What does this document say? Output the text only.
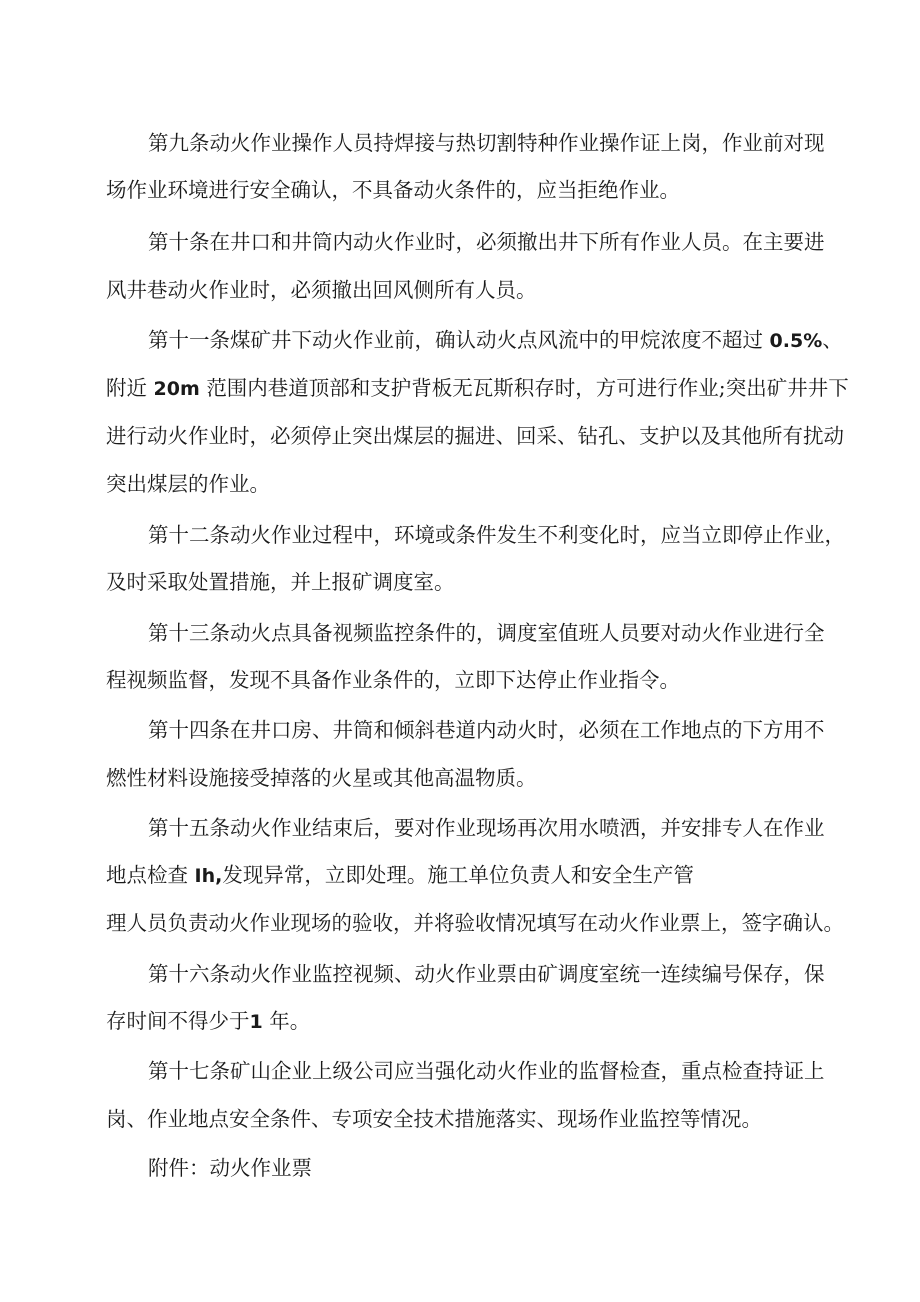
第九条动火作业操作人员持焊接与热切割特种作业操作证上岗，作业前对现
场作业环境进行安全确认，不具备动火条件的，应当拒绝作业。
第十条在井口和井筒内动火作业时，必须撤出井下所有作业人员。在主要进
风井巷动火作业时，必须撤出回风侧所有人员。
第十一条煤矿井下动火作业前，确认动火点风流中的甲烷浓度不超过 0.5%、
附近 20m 范围内巷道顶部和支护背板无瓦斯积存时，方可进行作业;突出矿井井下
进行动火作业时，必须停止突出煤层的掘进、回采、钻孔、支护以及其他所有扰动
突出煤层的作业。
第十二条动火作业过程中，环境或条件发生不利变化时，应当立即停止作业，
及时采取处置措施，并上报矿调度室。
第十三条动火点具备视频监控条件的，调度室值班人员要对动火作业进行全
程视频监督，发现不具备作业条件的，立即下达停止作业指令。
第十四条在井口房、井筒和倾斜巷道内动火时，必须在工作地点的下方用不
燃性材料设施接受掉落的火星或其他高温物质。
第十五条动火作业结束后，要对作业现场再次用水喷洒，并安排专人在作业
地点检查 Ih,发现异常，立即处理。施工单位负责人和安全生产管
理人员负责动火作业现场的验收，并将验收情况填写在动火作业票上，签字确认。
第十六条动火作业监控视频、动火作业票由矿调度室统一连续编号保存，保
存时间不得少于1 年。
第十七条矿山企业上级公司应当强化动火作业的监督检查，重点检查持证上
岗、作业地点安全条件、专项安全技术措施落实、现场作业监控等情况。
附件：动火作业票
